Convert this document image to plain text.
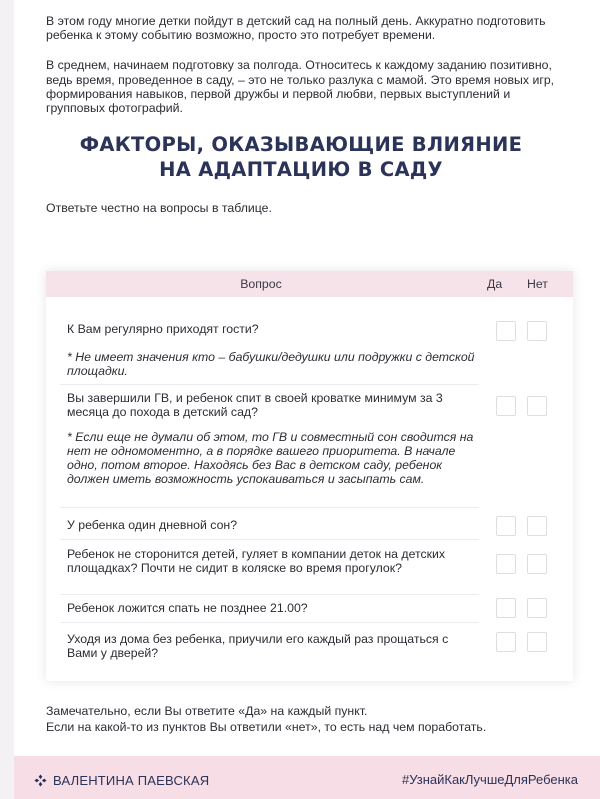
В этом году многие детки пойдут в детский сад на полный день. Аккуратно подготовить ребенка к этому событию возможно, просто это потребует времени.

В среднем, начинаем подготовку за полгода. Относитесь к каждому заданию позитивно, ведь время, проведенное в саду, – это не только разлука с мамой. Это время новых игр, формирования навыков, первой дружбы и первой любви, первых выступлений и групповых фотографий.

ФАКТОРЫ, ОКАЗЫВАЮЩИЕ ВЛИЯНИЕ
НА АДАПТАЦИЮ В САДУ
Ответьте честно на вопросы в таблице.
Вопрос	Да Нет
К Вам регулярно приходят гости?
* Не имеет значения кто – бабушки/дедушки или подружки с детской площадки.
Вы завершили ГВ, и ребенок спит в своей кроватке минимум за 3 месяца до похода в детский сад?
* Если еще не думали об этом, то ГВ и совместный сон сводится на нет не одномоментно, а в порядке вашего приоритета. В начале одно, потом второе. Находясь без Вас в детском саду, ребенок должен иметь возможность успокаиваться и засыпать сам.
У ребенка один дневной сон?
Ребенок не сторонится детей, гуляет в компании деток на детских площадках? Почти не сидит в коляске во время прогулок?
Ребенок ложится спать не позднее 21.00?
Уходя из дома без ребенка, приучили его каждый раз прощаться с Вами у дверей?
Замечательно, если Вы ответите «Да» на каждый пункт.
Если на какой-то из пунктов Вы ответили «нет», то есть над чем поработать.
ВАЛЕНТИНА ПАЕВСКАЯ	#УзнайКакЛучшеДляРебенка
